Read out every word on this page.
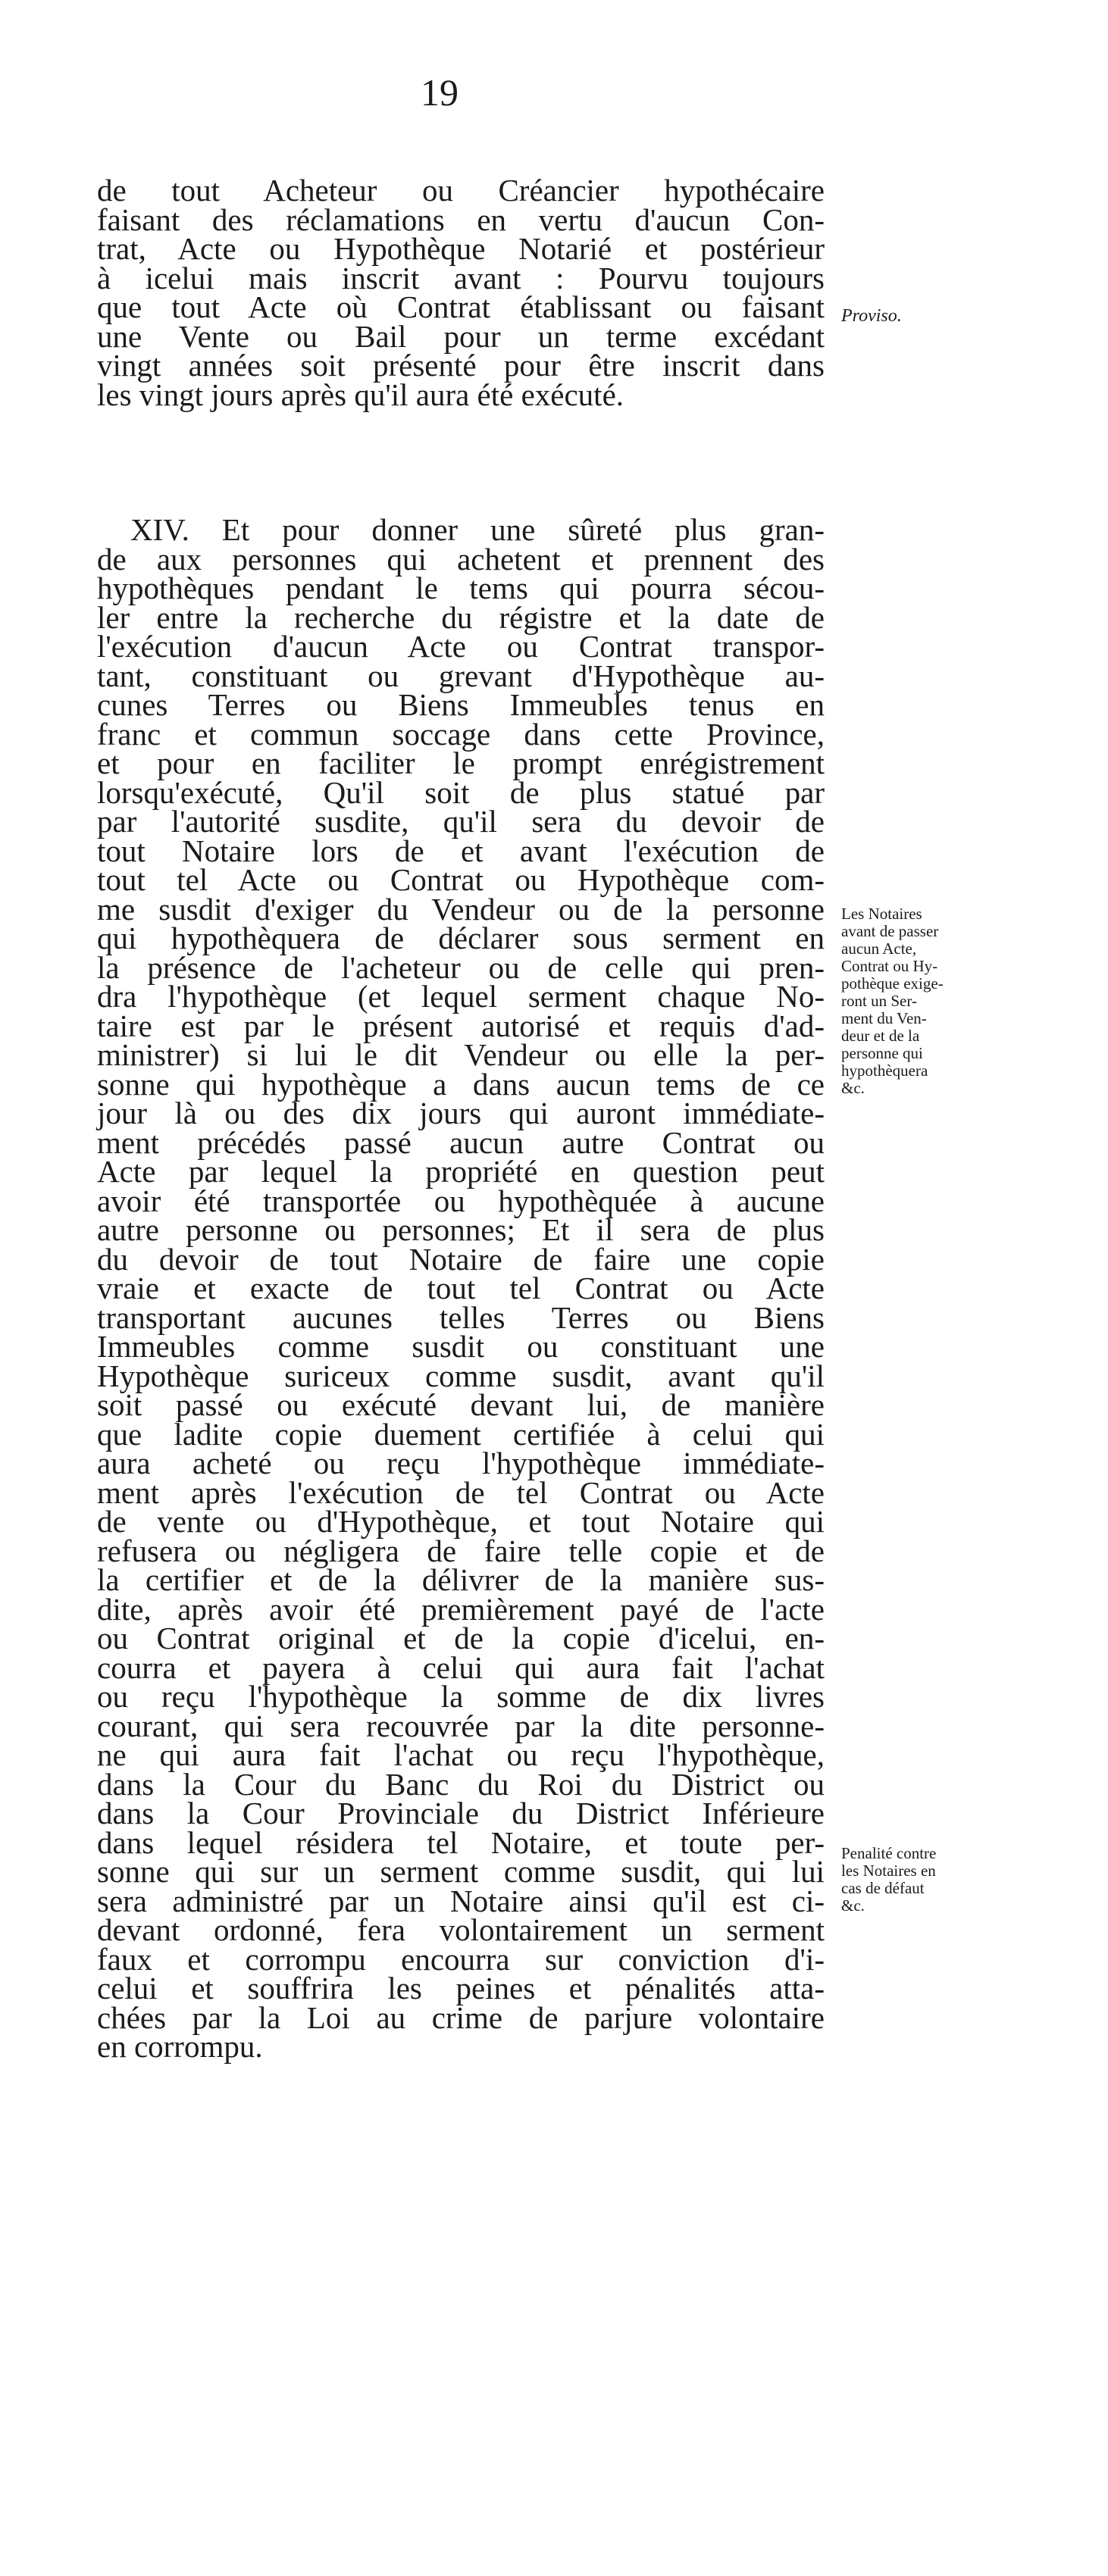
19
de tout Acheteur ou Créancier hypothécaire
faisant des réclamations en vertu d'aucun Con-
trat, Acte ou Hypothèque Notarié et postérieur
à icelui mais inscrit avant : Pourvu toujours
que tout Acte où Contrat établissant ou faisant
une Vente ou Bail pour un terme excédant
vingt années soit présenté pour être inscrit dans
les vingt jours après qu'il aura été exécuté.
Proviso.
XIV. Et pour donner une sûreté plus gran-
de aux personnes qui achetent et prennent des
hypothèques pendant le tems qui pourra sécou-
ler entre la recherche du régistre et la date de
l'exécution d'aucun Acte ou Contrat transpor-
tant, constituant ou grevant d'Hypothèque au-
cunes Terres ou Biens Immeubles tenus en
franc et commun soccage dans cette Province,
et pour en faciliter le prompt enrégistrement
lorsqu'exécuté, Qu'il soit de plus statué par
par l'autorité susdite, qu'il sera du devoir de
tout Notaire lors de et avant l'exécution de
tout tel Acte ou Contrat ou Hypothèque com-
me susdit d'exiger du Vendeur ou de la personne
qui hypothèquera de déclarer sous serment en
la présence de l'acheteur ou de celle qui pren-
dra l'hypothèque (et lequel serment chaque No-
taire est par le présent autorisé et requis d'ad-
ministrer) si lui le dit Vendeur ou elle la per-
sonne qui hypothèque a dans aucun tems de ce
jour là ou des dix jours qui auront immédiate-
ment précédés passé aucun autre Contrat ou
Acte par lequel la propriété en question peut
avoir été transportée ou hypothèquée à aucune
autre personne ou personnes; Et il sera de plus
du devoir de tout Notaire de faire une copie
vraie et exacte de tout tel Contrat ou Acte
transportant aucunes telles Terres ou Biens
Immeubles comme susdit ou constituant une
Hypothèque suriceux comme susdit, avant qu'il
soit passé ou exécuté devant lui, de manière
que ladite copie duement certifiée à celui qui
aura acheté ou reçu l'hypothèque immédiate-
ment après l'exécution de tel Contrat ou Acte
de vente ou d'Hypothèque, et tout Notaire qui
refusera ou négligera de faire telle copie et de
la certifier et de la délivrer de la manière sus-
dite, après avoir été premièrement payé de l'acte
ou Contrat original et de la copie d'icelui, en-
courra et payera à celui qui aura fait l'achat
ou reçu l'hypothèque la somme de dix livres
courant, qui sera recouvrée par la dite personne-
ne qui aura fait l'achat ou reçu l'hypothèque,
dans la Cour du Banc du Roi du District ou
dans la Cour Provinciale du District Inférieure
dans lequel résidera tel Notaire, et toute per-
sonne qui sur un serment comme susdit, qui lui
sera administré par un Notaire ainsi qu'il est ci-
devant ordonné, fera volontairement un serment
faux et corrompu encourra sur conviction d'i-
celui et souffrira les peines et pénalités atta-
chées par la Loi au crime de parjure volontaire
en corrompu.
Les Notaires
avant de passer
aucun Acte,
Contrat ou Hy-
pothèque exige-
ront un Ser-
ment du Ven-
deur et de la
personne qui
hypothèquera
&c.
Penalité contre
les Notaires en
cas de défaut
&c.
